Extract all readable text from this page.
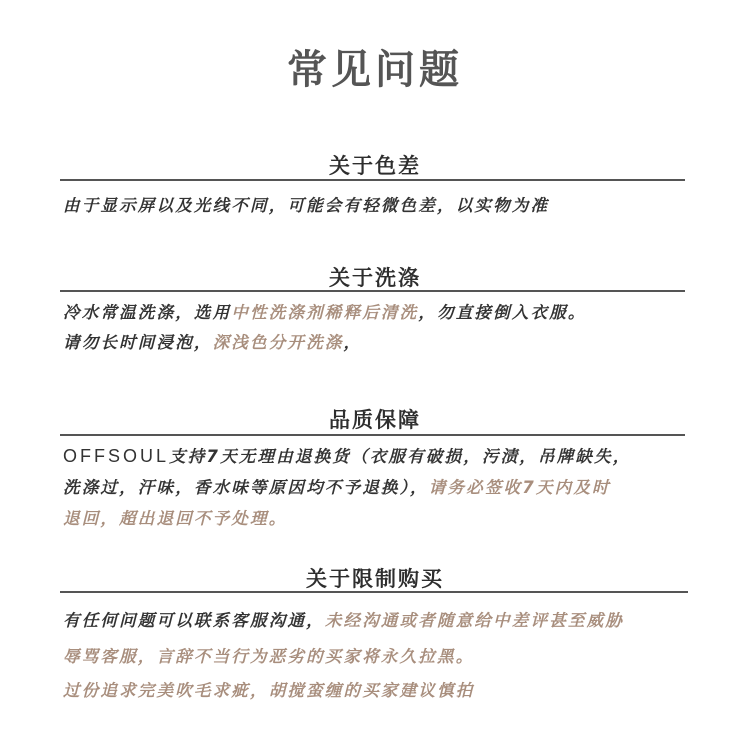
常见问题
关于色差
由于显示屏以及光线不同，可能会有轻微色差，以实物为准
关于洗涤
冷水常温洗涤，选用中性洗涤剂稀释后清洗，勿直接倒入衣服。
请勿长时间浸泡，深浅色分开洗涤，
品质保障
OFFSOUL支持7天无理由退换货（衣服有破损，污渍，吊牌缺失，
洗涤过，汗味，香水味等原因均不予退换），请务必签收7天内及时
退回，超出退回不予处理。
关于限制购买
有任何问题可以联系客服沟通，未经沟通或者随意给中差评甚至威胁
辱骂客服，言辞不当行为恶劣的买家将永久拉黑。
过份追求完美吹毛求疵，胡搅蛮缠的买家建议慎拍
